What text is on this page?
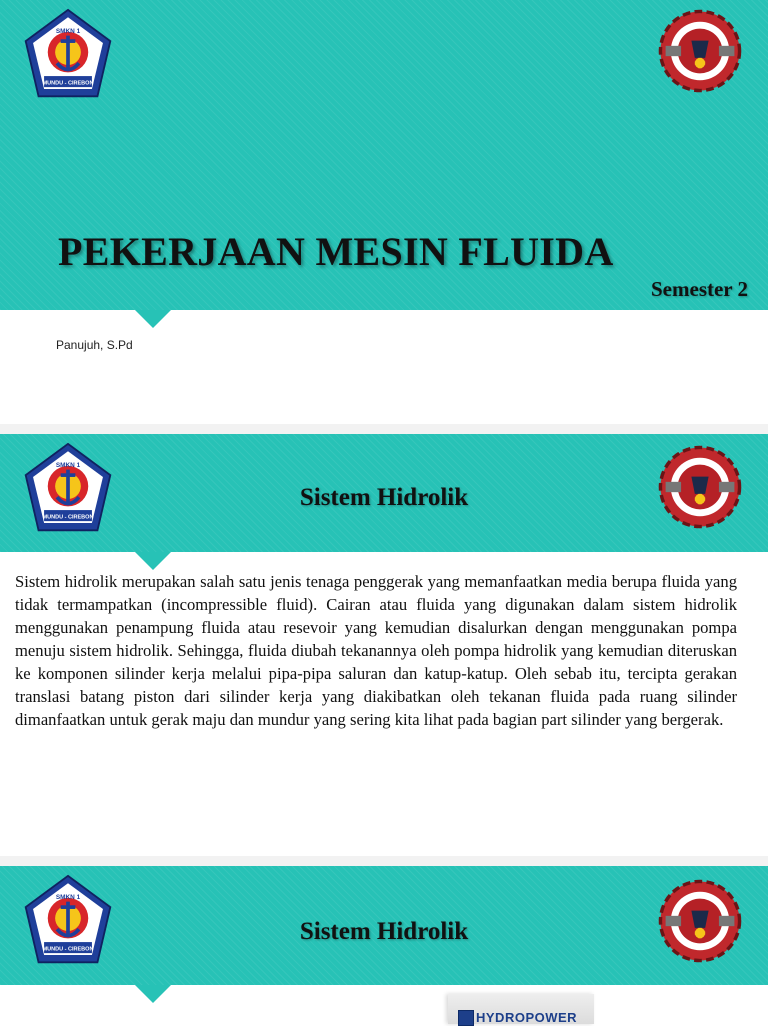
SMKN 1
MUNDU - CIREBON
PEKERJAAN MESIN FLUIDA
Semester 2
Panujuh, S.Pd
SMKN 1
MUNDU - CIREBON
Sistem Hidrolik

Sistem hidrolik merupakan salah satu jenis tenaga penggerak yang memanfaatkan media berupa fluida yang tidak termampatkan (incompressible fluid). Cairan atau fluida yang digunakan dalam sistem hidrolik menggunakan penampung fluida atau resevoir yang kemudian disalurkan dengan menggunakan pompa menuju sistem hidrolik. Sehingga, fluida diubah tekanannya oleh pompa hidrolik yang kemudian diteruskan ke komponen silinder kerja melalui pipa-pipa saluran dan katup-katup. Oleh sebab itu, tercipta gerakan translasi batang piston dari silinder kerja yang diakibatkan oleh tekanan fluida pada ruang silinder dimanfaatkan untuk gerak maju dan mundur yang sering kita lihat pada bagian part silinder yang bergerak.

SMKN 1
MUNDU - CIREBON
Sistem Hidrolik
HYDROPOWER
